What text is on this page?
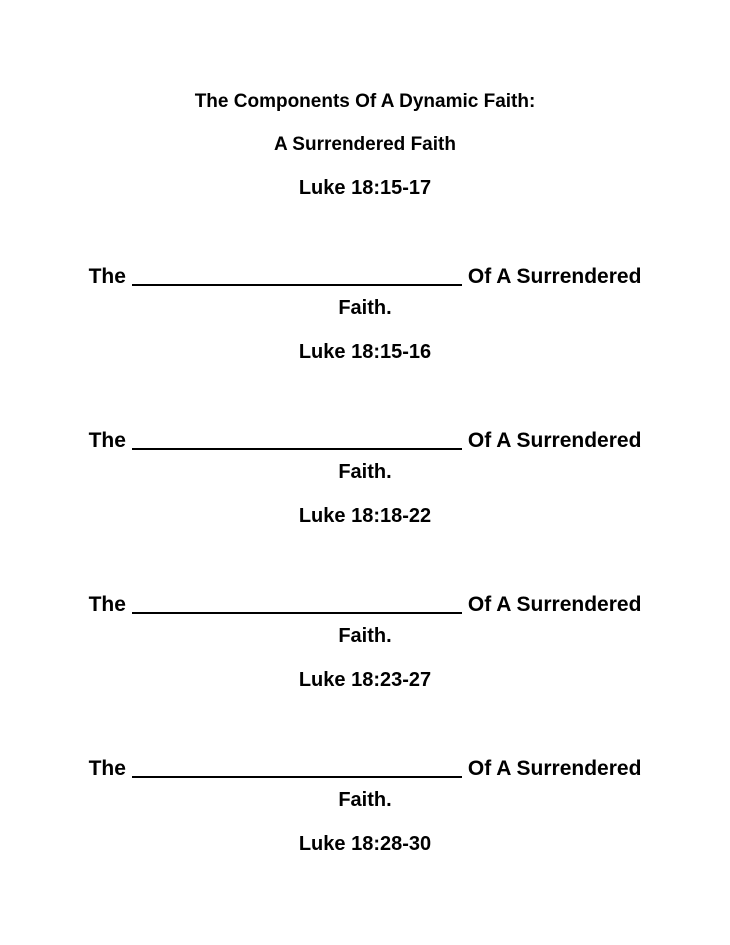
The Components Of A Dynamic Faith:
A Surrendered Faith
Luke 18:15-17
The	Of A Surrendered
Faith.
Luke 18:15-16
The	Of A Surrendered
Faith.
Luke 18:18-22
The	Of A Surrendered
Faith.
Luke 18:23-27
The	Of A Surrendered
Faith.
Luke 18:28-30
